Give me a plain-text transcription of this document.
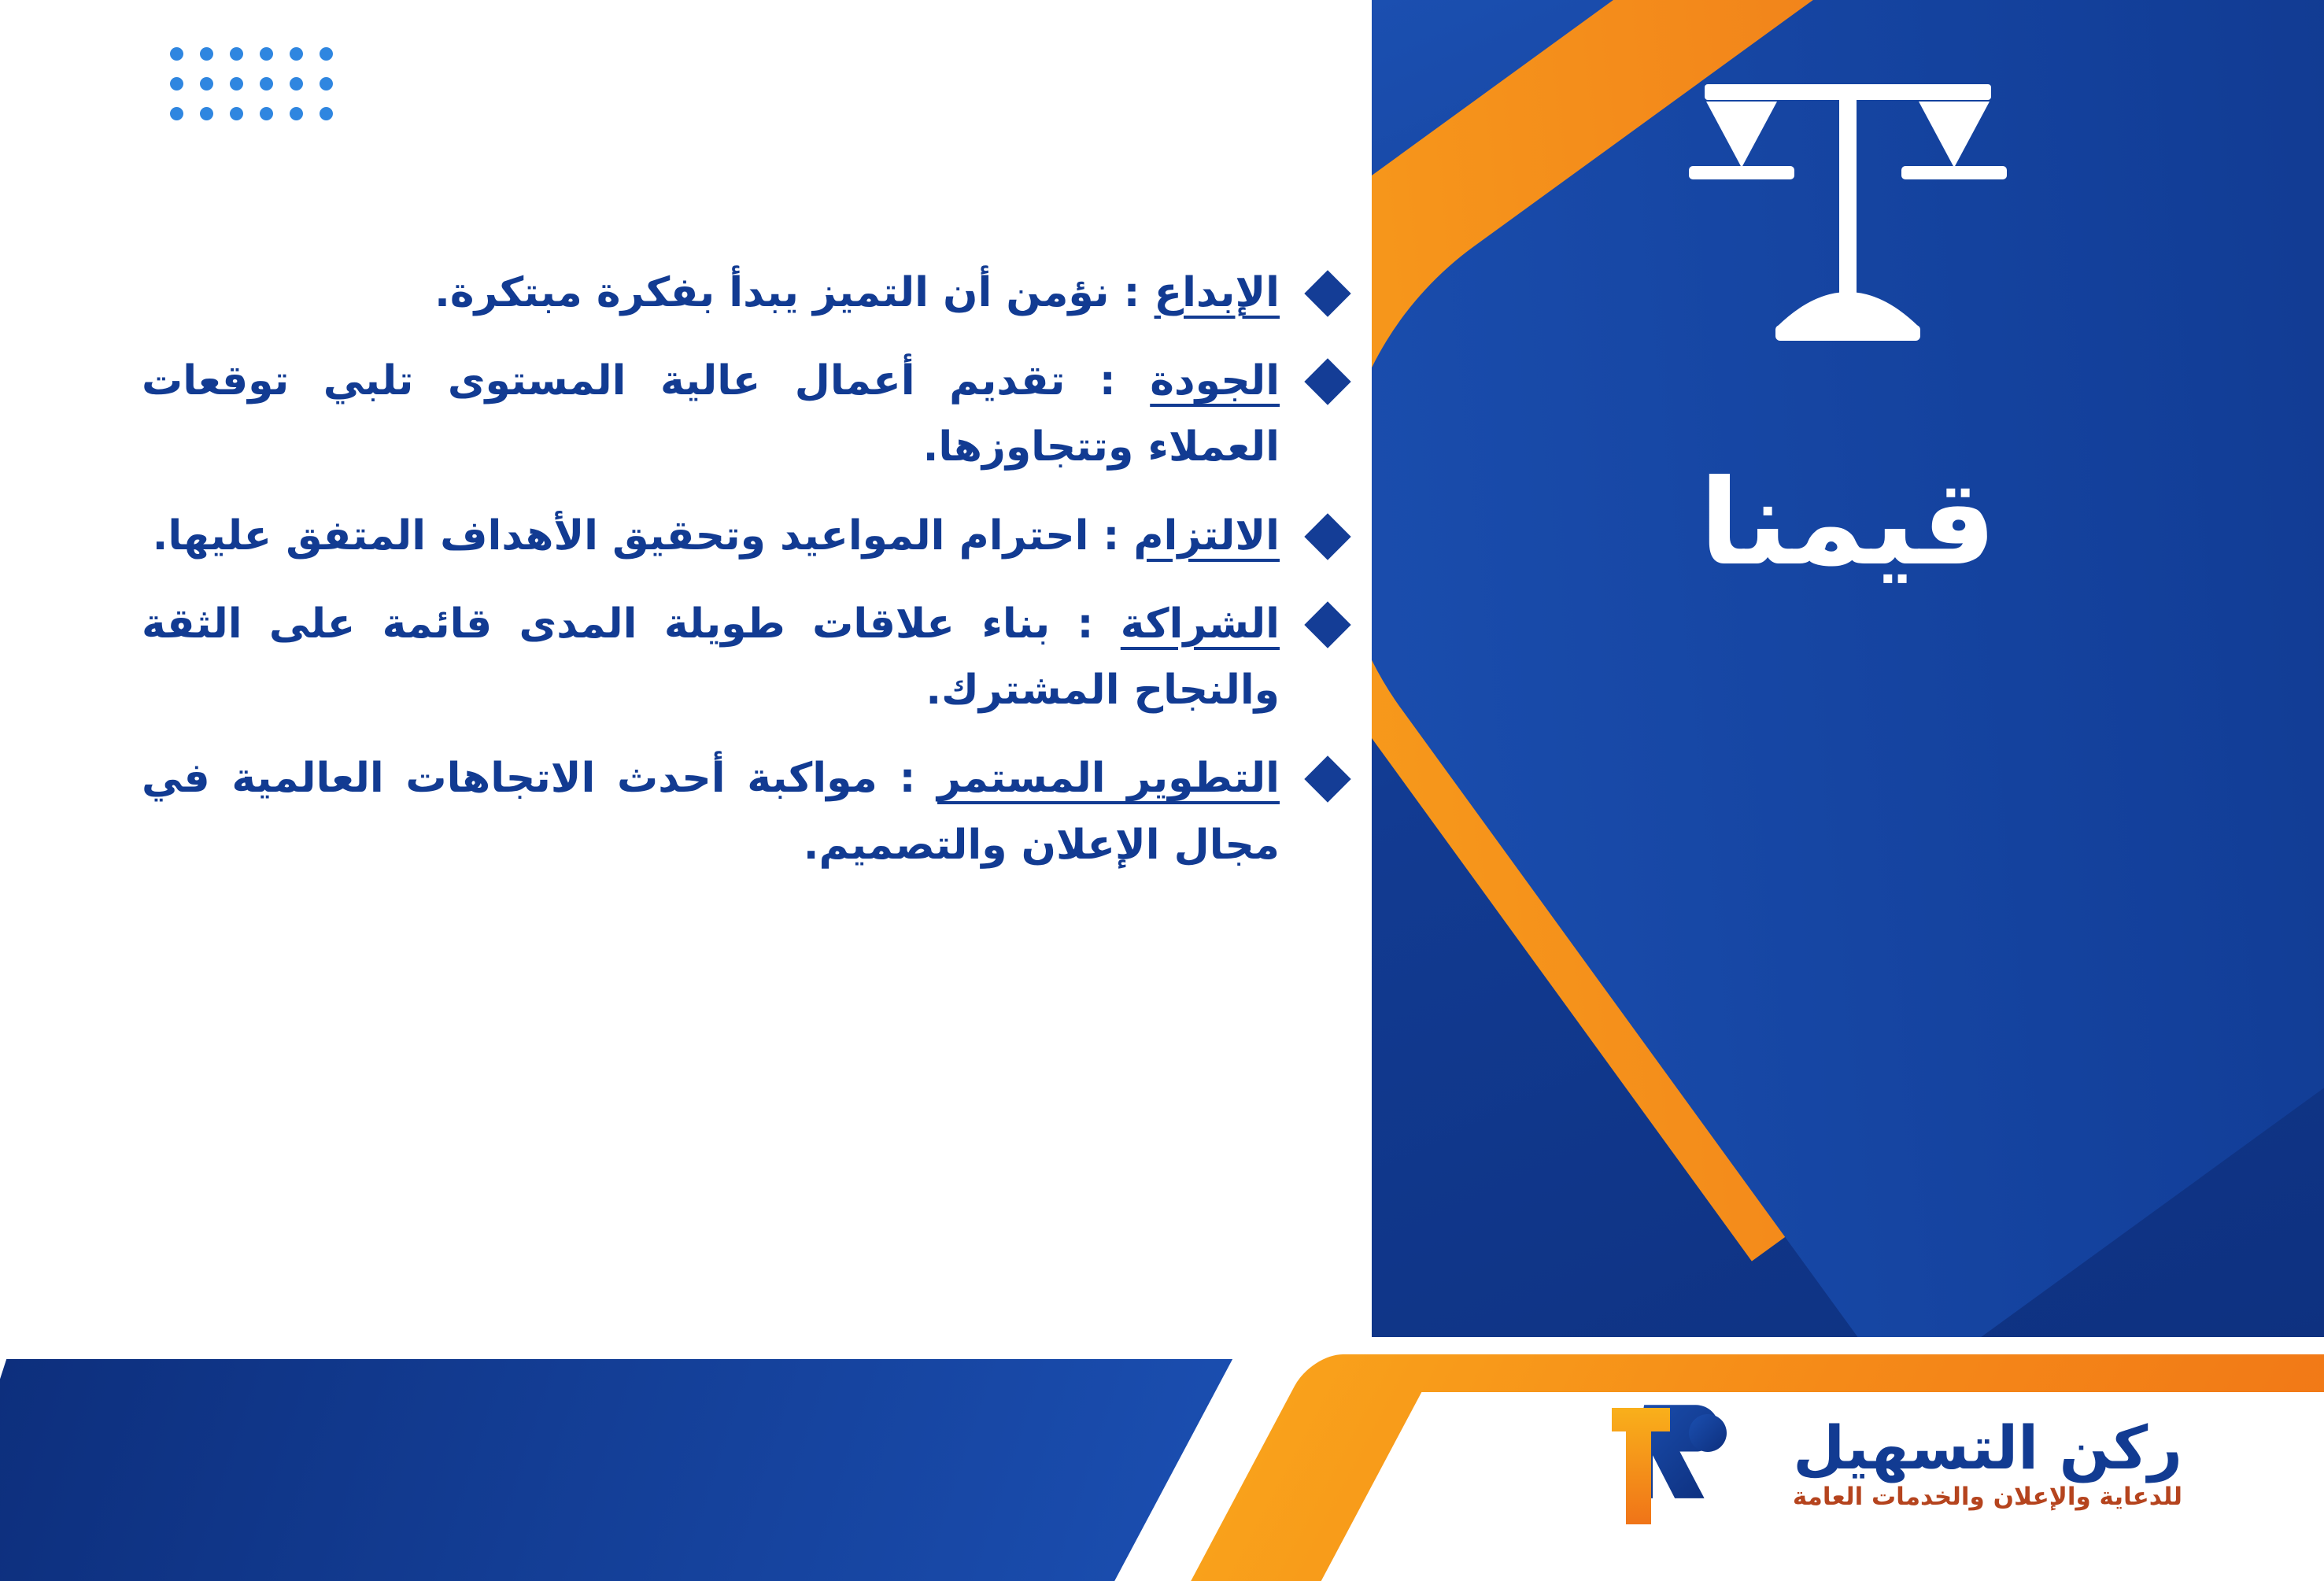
قيمنا
الإبداع : نؤمن أن التميز يبدأ بفكرة مبتكرة.
الجودة : تقديم أعمال عالية المستوى تلبي توقعات العملاء وتتجاوزها.
الالتزام : احترام المواعيد وتحقيق الأهداف المتفق عليها.
الشراكة : بناء علاقات طويلة المدى قائمة على الثقة والنجاح المشترك.
التطوير المستمر : مواكبة أحدث الاتجاهات العالمية في مجال الإعلان والتصميم.
ركن التسهيل
للدعاية والإعلان والخدمات العامة
